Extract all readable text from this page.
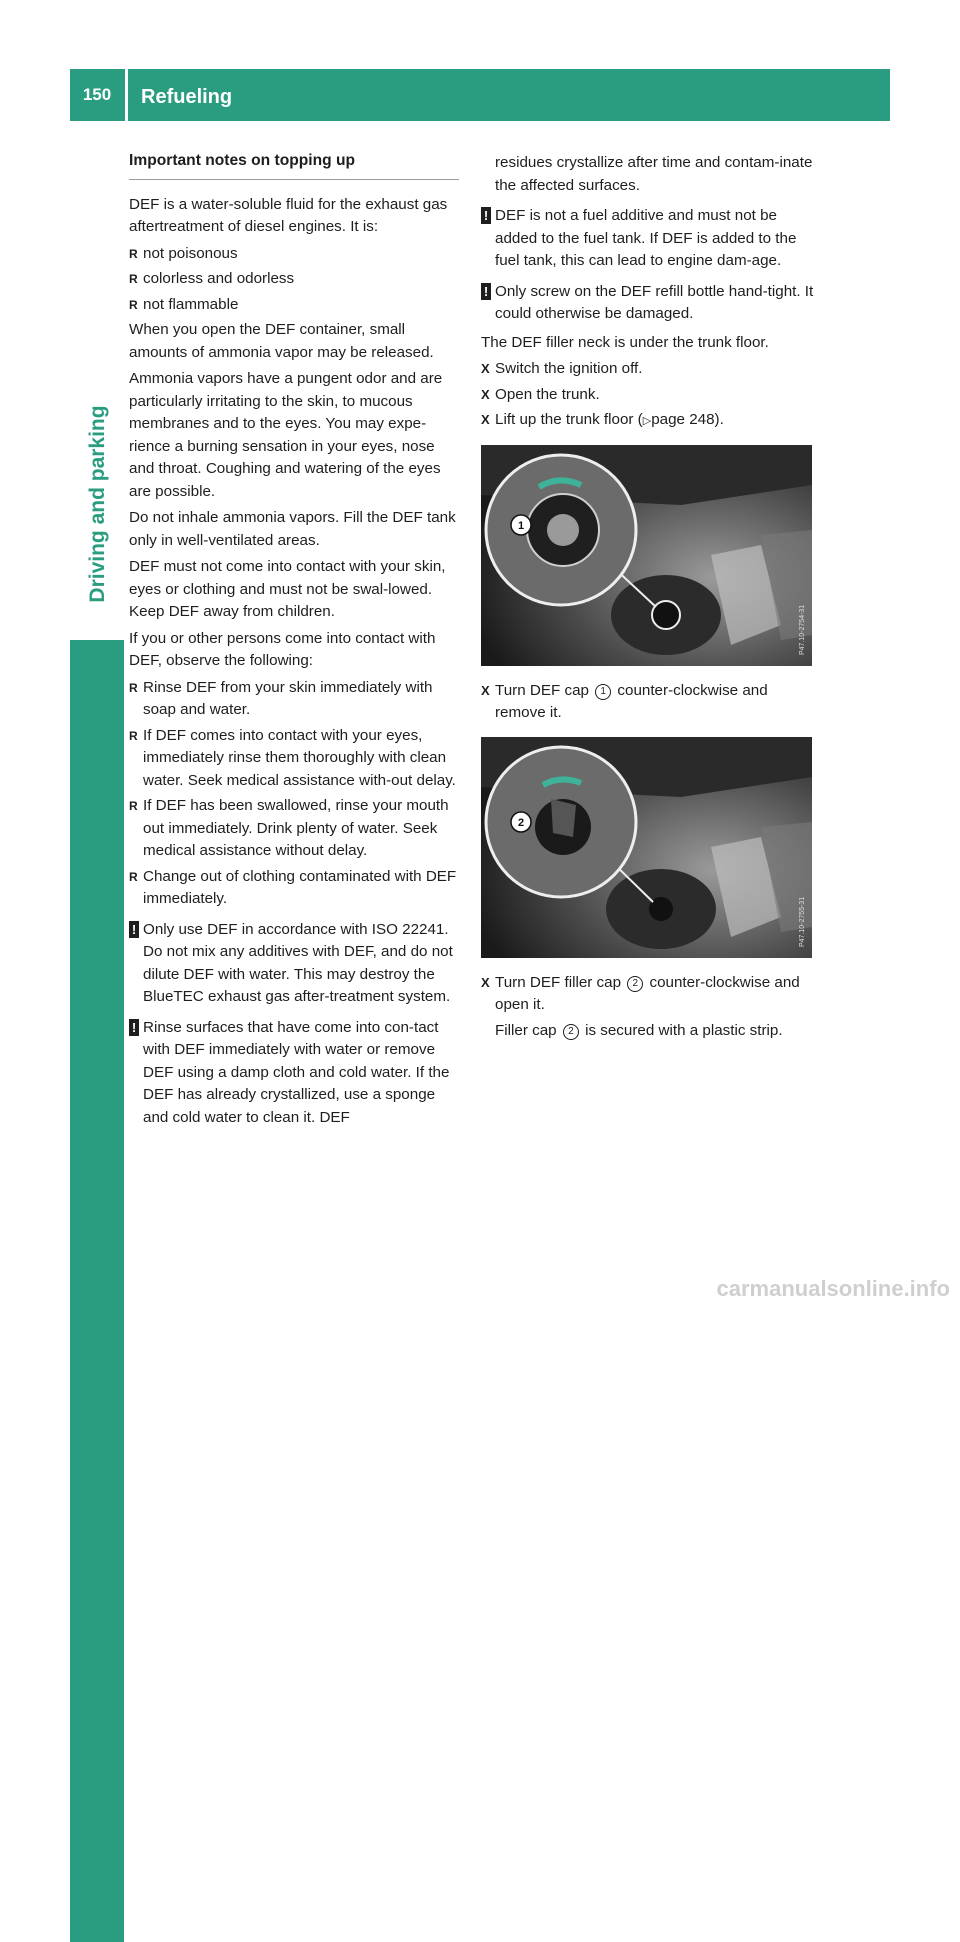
150	Refueling
Driving and parking
Important notes on topping up

DEF is a water-soluble fluid for the exhaust gas aftertreatment of diesel engines. It is:

R not poisonous
R colorless and odorless
R not flammable

When you open the DEF container, small amounts of ammonia vapor may be released.

Ammonia vapors have a pungent odor and are particularly irritating to the skin, to mucous membranes and to the eyes. You may expe-rience a burning sensation in your eyes, nose and throat. Coughing and watering of the eyes are possible.

Do not inhale ammonia vapors. Fill the DEF tank only in well-ventilated areas.

DEF must not come into contact with your skin, eyes or clothing and must not be swal-lowed. Keep DEF away from children.

If you or other persons come into contact with DEF, observe the following:

R Rinse DEF from your skin immediately with soap and water.
R If DEF comes into contact with your eyes, immediately rinse them thoroughly with clean water. Seek medical assistance with-out delay.
R If DEF has been swallowed, rinse your mouth out immediately. Drink plenty of water. Seek medical assistance without delay.
R Change out of clothing contaminated with DEF immediately.
! Only use DEF in accordance with ISO 22241. Do not mix any additives with DEF, and do not dilute DEF with water. This may destroy the BlueTEC exhaust gas after-treatment system.
! Rinse surfaces that have come into con-tact with DEF immediately with water or remove DEF using a damp cloth and cold water. If the DEF has already crystallized, use a sponge and cold water to clean it. DEF

residues crystallize after time and contam-inate the affected surfaces.

! DEF is not a fuel additive and must not be added to the fuel tank. If DEF is added to the fuel tank, this can lead to engine dam-age.
! Only screw on the DEF refill bottle hand-tight. It could otherwise be damaged.

The DEF filler neck is under the trunk floor.

X Switch the ignition off.
X Open the trunk.
X Lift up the trunk floor (▷page 248).
1
P47.10-2754-31
X Turn DEF cap 1 counter-clockwise and remove it.
2
P47.10-2755-31
X Turn DEF filler cap 2 counter-clockwise and open it.

Filler cap 2 is secured with a plastic strip.

carmanualsonline.info
